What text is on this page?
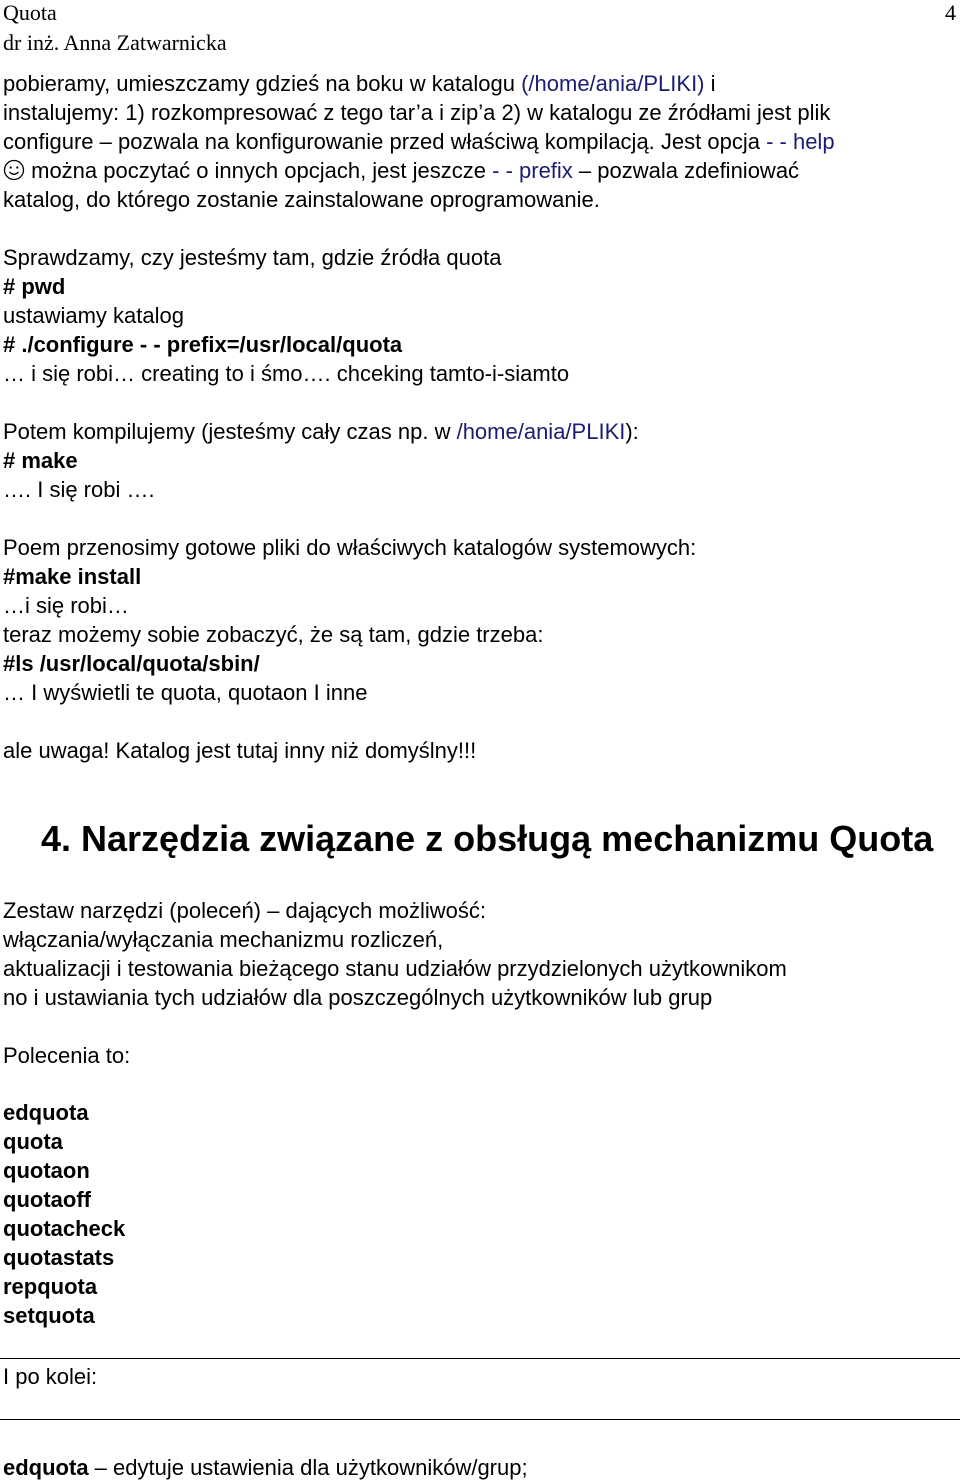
Quota
dr inż. Anna Zatwarnicka
4
pobieramy, umieszczamy gdzieś na boku w katalogu (/home/ania/PLIKI) i
instalujemy: 1) rozkompresować z tego tar’a i zip’a 2) w katalogu ze źródłami jest plik
configure – pozwala na konfigurowanie przed właściwą kompilacją. Jest opcja - - help
można poczytać o innych opcjach, jest jeszcze - - prefix – pozwala zdefiniować
katalog, do którego zostanie zainstalowane oprogramowanie.
Sprawdzamy, czy jesteśmy tam, gdzie źródła quota
# pwd
ustawiamy katalog
# ./configure - - prefix=/usr/local/quota
… i się robi… creating to i śmo…. chceking tamto-i-siamto
Potem kompilujemy (jesteśmy cały czas np. w /home/ania/PLIKI):
# make
…. I się robi ….
Poem przenosimy gotowe pliki do właściwych katalogów systemowych:
#make install
…i się robi…
teraz możemy sobie zobaczyć, że są tam, gdzie trzeba:
#ls /usr/local/quota/sbin/
… I wyświetli te quota, quotaon I inne
ale uwaga! Katalog jest tutaj inny niż domyślny!!!
4. Narzędzia związane z obsługą mechanizmu Quota
Zestaw narzędzi (poleceń) – dających możliwość:
włączania/wyłączania mechanizmu rozliczeń,
aktualizacji i testowania bieżącego stanu udziałów przydzielonych użytkownikom
no i ustawiania tych udziałów dla poszczególnych użytkowników lub grup
Polecenia to:
edquota
quota
quotaon
quotaoff
quotacheck
quotastats
repquota
setquota
I po kolei:
edquota – edytuje ustawienia dla użytkowników/grup;
